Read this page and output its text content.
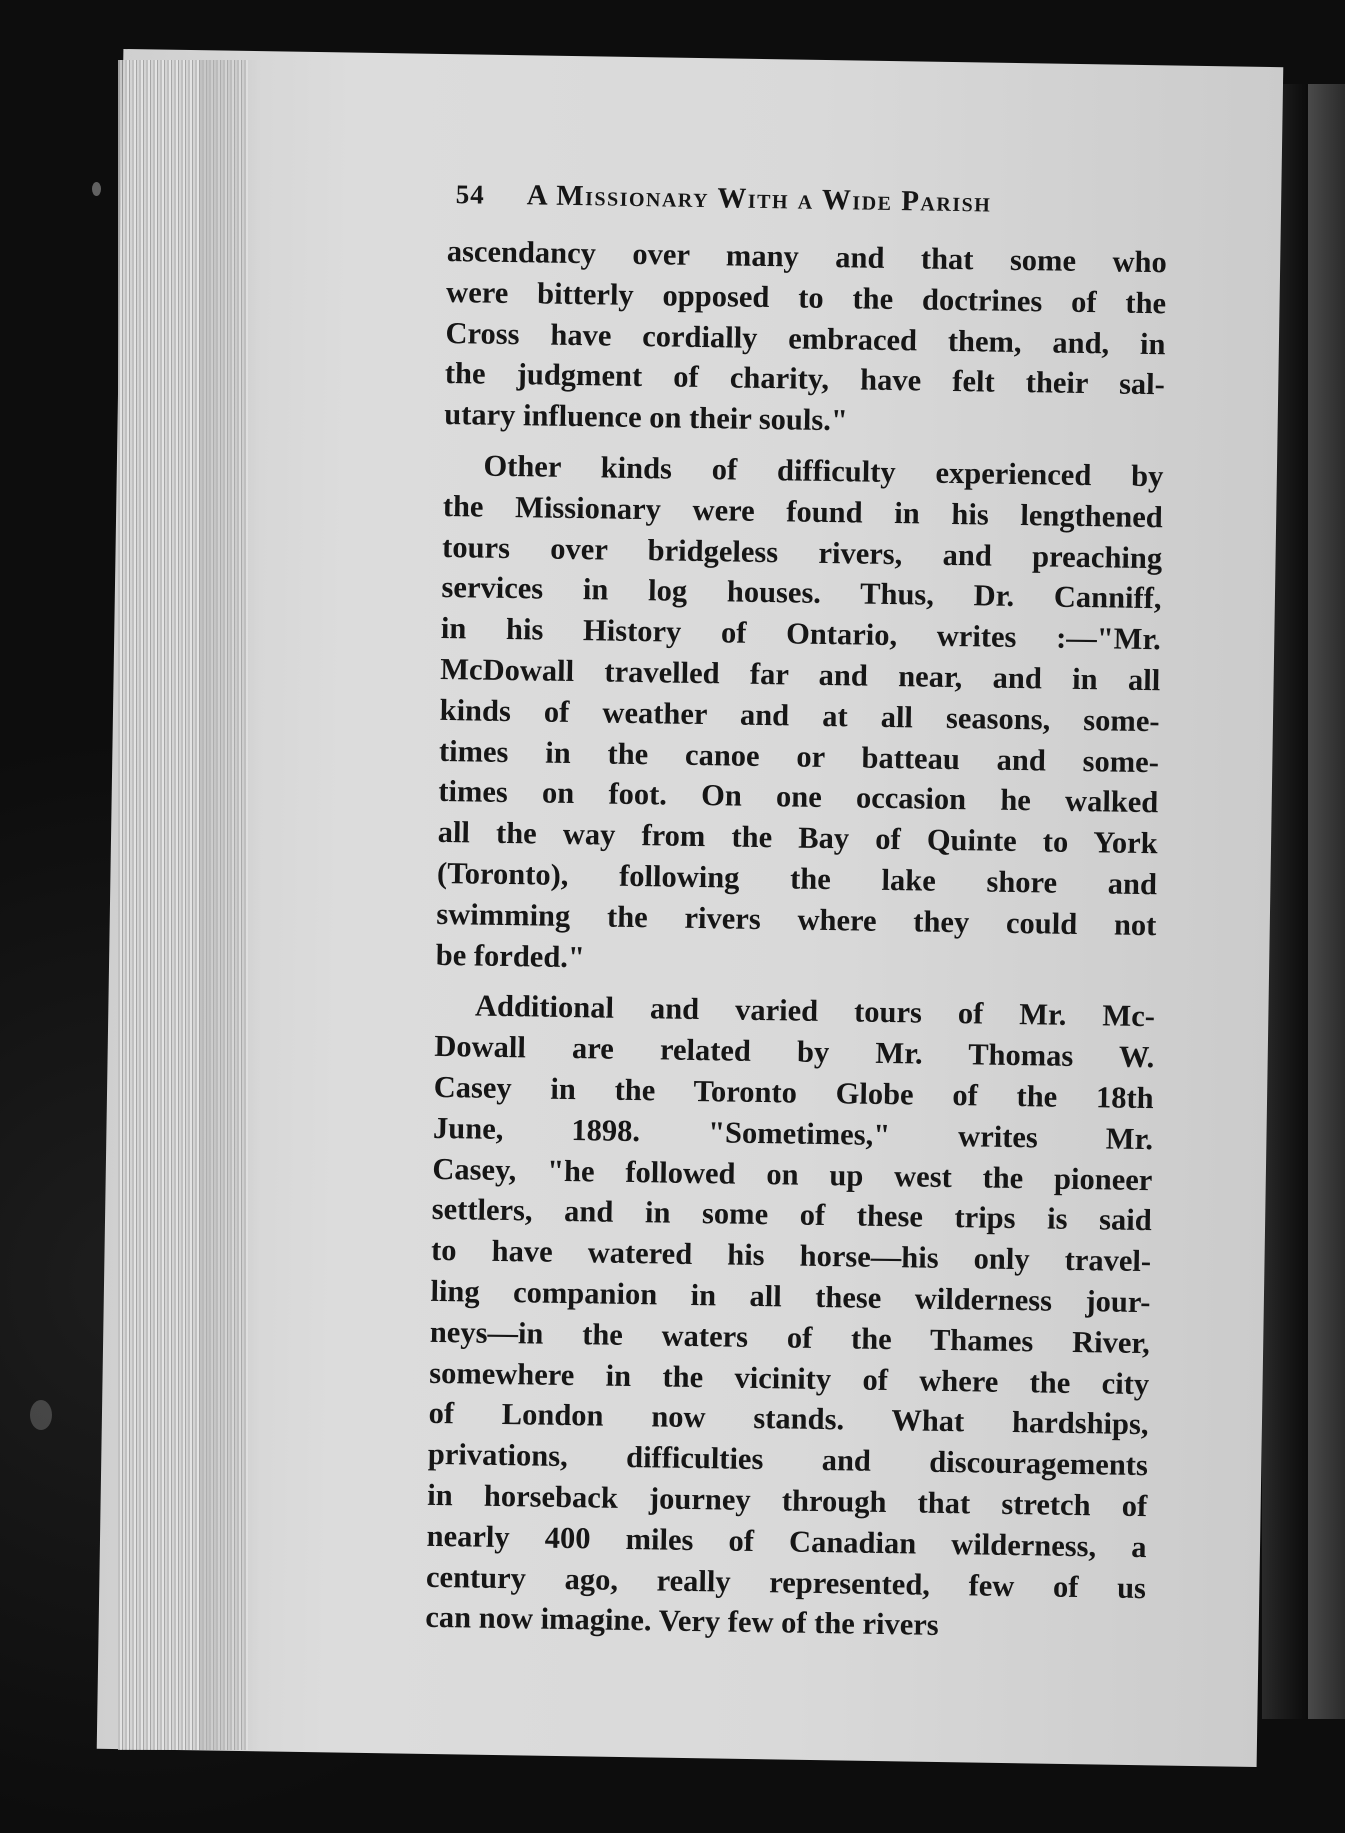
54 A Missionary With a Wide Parish
ascendancy over many and that some who
were bitterly opposed to the doctrines of the
Cross have cordially embraced them, and, in
the judgment of charity, have felt their sal-
utary influence on their souls."
Other kinds of difficulty experienced by
the Missionary were found in his lengthened
tours over bridgeless rivers, and preaching
services in log houses. Thus, Dr. Canniff,
in his History of Ontario, writes :—"Mr.
McDowall travelled far and near, and in all
kinds of weather and at all seasons, some-
times in the canoe or batteau and some-
times on foot. On one occasion he walked
all the way from the Bay of Quinte to York
(Toronto), following the lake shore and
swimming the rivers where they could not
be forded."
Additional and varied tours of Mr. Mc-
Dowall are related by Mr. Thomas W.
Casey in the Toronto Globe of the 18th
June, 1898. "Sometimes," writes Mr.
Casey, "he followed on up west the pioneer
settlers, and in some of these trips is said
to have watered his horse—his only travel-
ling companion in all these wilderness jour-
neys—in the waters of the Thames River,
somewhere in the vicinity of where the city
of London now stands. What hardships,
privations, difficulties and discouragements
in horseback journey through that stretch of
nearly 400 miles of Canadian wilderness, a
century ago, really represented, few of us
can now imagine. Very few of the rivers
